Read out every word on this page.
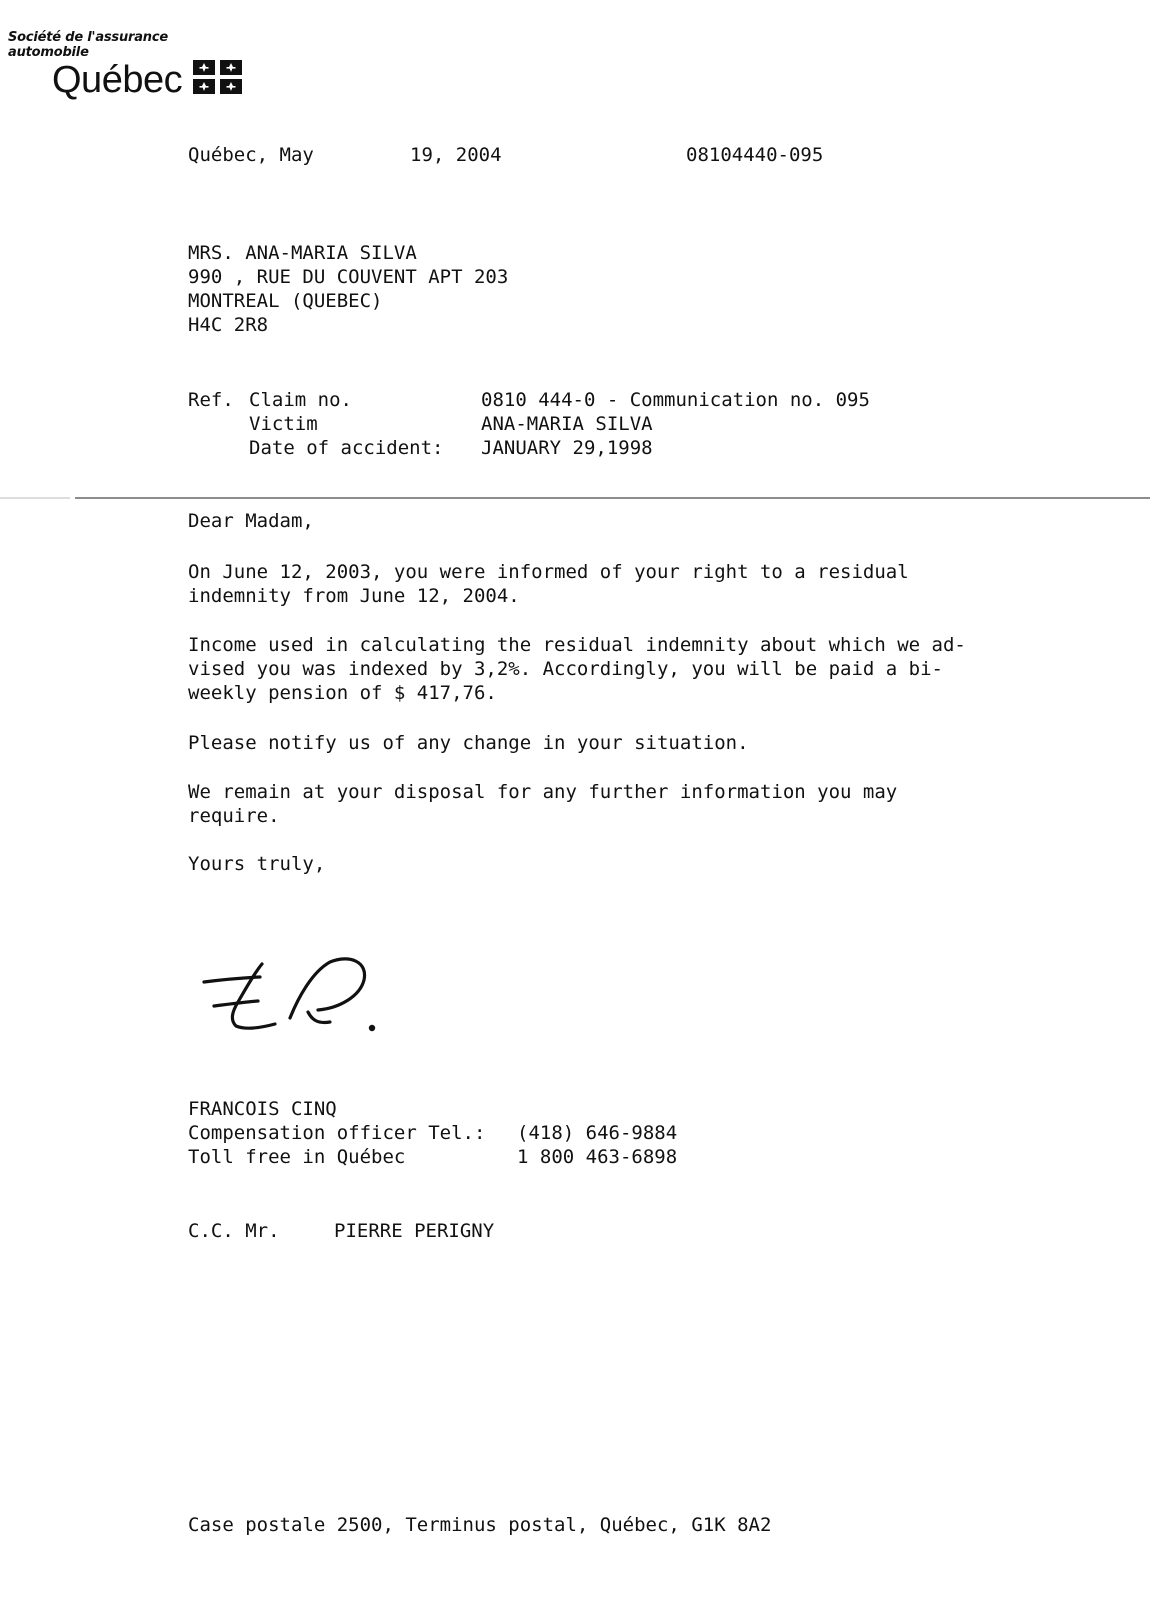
Société de l'assurance
automobile
Québec
Québec, May	19, 2004	08104440-095
MRS. ANA-MARIA SILVA
990 , RUE DU COUVENT APT 203
MONTREAL (QUEBEC)
H4C 2R8
Ref. Claim no.	0810 444-0 - Communication no. 095
Victim	ANA-MARIA SILVA
Date of accident: JANUARY 29,1998
Dear Madam,
On June 12, 2003, you were informed of your right to a residual
indemnity from June 12, 2004.
Income used in calculating the residual indemnity about which we ad-
vised you was indexed by 3,2%. Accordingly, you will be paid a bi-
weekly pension of $ 417,76.
Please notify us of any change in your situation.
We remain at your disposal for any further information you may
require.
Yours truly,
FRANCOIS CINQ
Compensation officer Tel.: (418) 646-9884
Toll free in Québec	1 800 463-6898
C.C. Mr.	PIERRE PERIGNY
Case postale 2500, Terminus postal, Québec, G1K 8A2
